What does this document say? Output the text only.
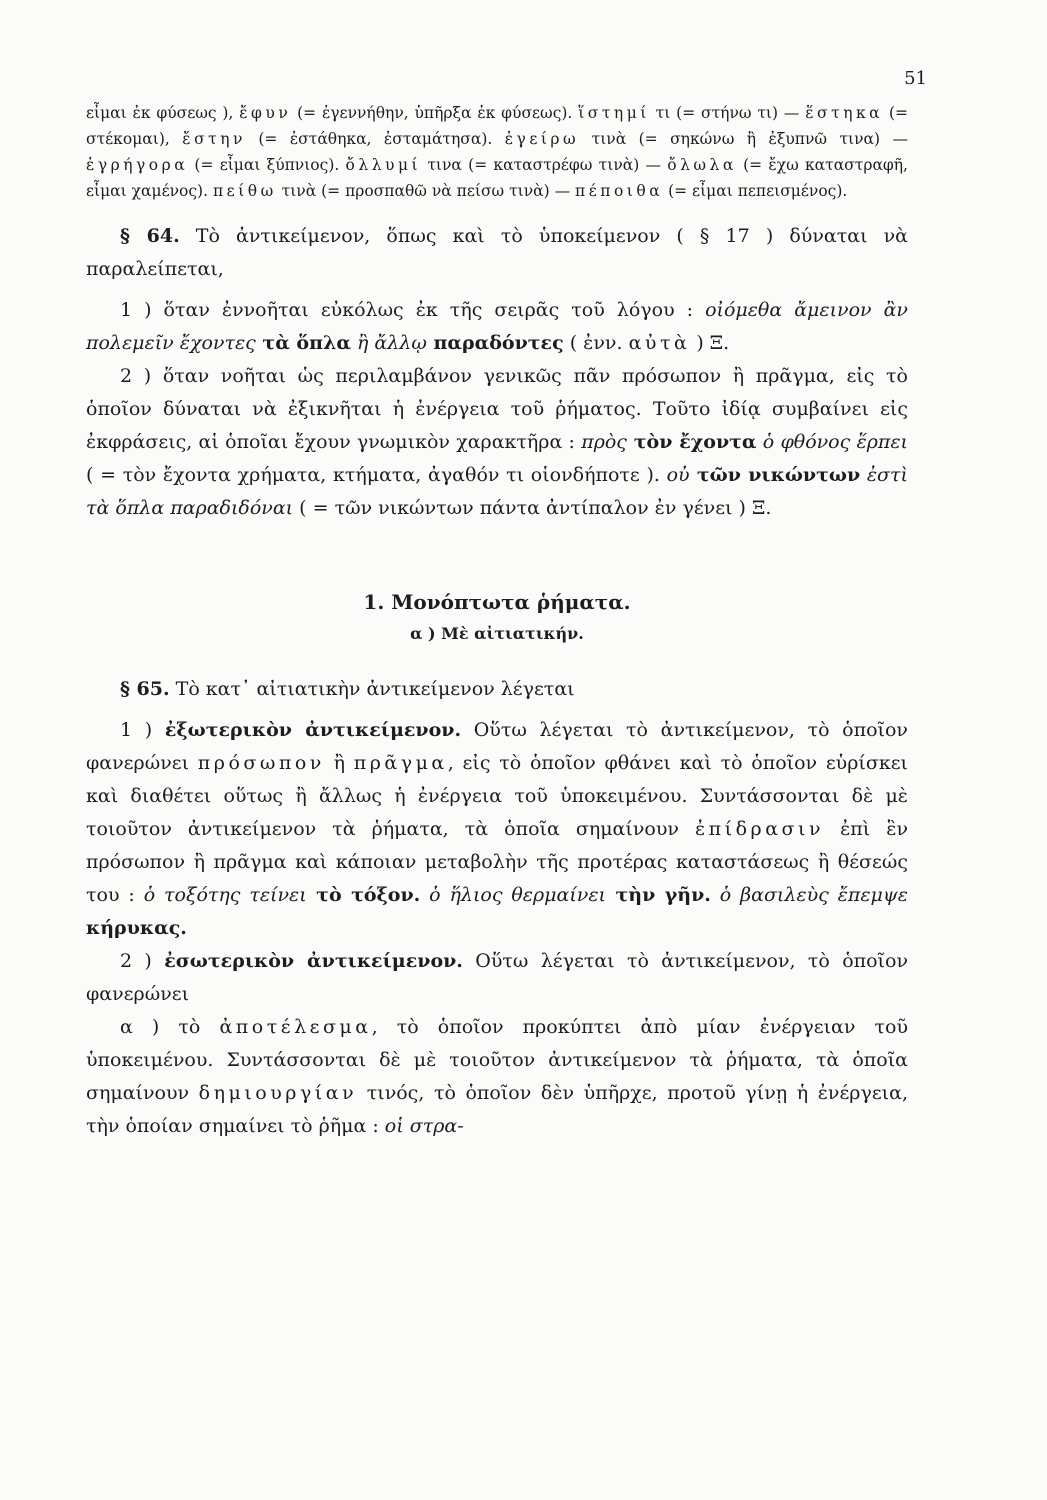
51

εἶμαι ἐκ φύσεως ), ἔφυν (= ἐγεννήθην, ὑπῆρξα ἐκ φύσεως). ἵστημί τι (= στήνω τι) — ἕστηκα (= στέκομαι), ἔστην (= ἐστάθηκα, ἐσταμάτησα). ἐγείρω τινὰ (= σηκώνω ἢ ἐξυπνῶ τινα) — ἐγρήγορα (= εἶμαι ξύπνιος). ὄλλυμί τινα (= καταστρέφω τινὰ) — ὄλωλα (= ἔχω καταστραφῆ, εἶμαι χαμένος). πείθω τινὰ (= προσπαθῶ νὰ πείσω τινὰ) — πέποιθα (= εἶμαι πεπεισμένος).

§ 64. Τὸ ἀντικείμενον, ὅπως καὶ τὸ ὑποκείμενον ( § 17 ) δύναται νὰ παραλείπεται,

1 ) ὅταν ἐννοῆται εὐκόλως ἐκ τῆς σειρᾶς τοῦ λόγου : οἰόμεθα ἄμεινον ἂν πολεμεῖν ἔχοντες τὰ ὅπλα ἢ ἄλλῳ παραδόντες ( ἐνν. αὐτὰ ) Ξ.

2 ) ὅταν νοῆται ὡς περιλαμβάνον γενικῶς πᾶν πρόσωπον ἢ πρᾶγμα, εἰς τὸ ὁποῖον δύναται νὰ ἐξικνῆται ἡ ἐνέργεια τοῦ ῥήματος. Τοῦτο ἰδίᾳ συμβαίνει εἰς ἐκφράσεις, αἱ ὁποῖαι ἔχουν γνωμικὸν χαρακτῆρα : πρὸς τὸν ἔχοντα ὁ φθόνος ἕρπει ( = τὸν ἔχοντα χρήματα, κτήματα, ἀγαθόν τι οἱονδήποτε ). οὐ τῶν νικώντων ἐστὶ τὰ ὅπλα παραδιδόναι ( = τῶν νικώντων πάντα ἀντίπαλον ἐν γένει ) Ξ.

1. Μονόπτωτα ῥήματα.
α ) Μὲ αἰτιατικήν.

§ 65. Τὸ κατ᾽ αἰτιατικὴν ἀντικείμενον λέγεται

1 ) ἐξωτερικὸν ἀντικείμενον. Οὕτω λέγεται τὸ ἀντικείμενον, τὸ ὁποῖον φανερώνει πρόσωπον ἢ πρᾶγμα, εἰς τὸ ὁποῖον φθάνει καὶ τὸ ὁποῖον εὑρίσκει καὶ διαθέτει οὕτως ἢ ἄλλως ἡ ἐνέργεια τοῦ ὑποκειμένου. Συντάσσονται δὲ μὲ τοιοῦτον ἀντικείμενον τὰ ῥήματα, τὰ ὁποῖα σημαίνουν ἐπίδρασιν ἐπὶ ἓν πρόσωπον ἢ πρᾶγμα καὶ κάποιαν μεταβολὴν τῆς προτέρας καταστάσεως ἢ θέσεώς του : ὁ τοξότης τείνει τὸ τόξον. ὁ ἥλιος θερμαίνει τὴν γῆν. ὁ βασιλεὺς ἔπεμψε κήρυκας.

2 ) ἐσωτερικὸν ἀντικείμενον. Οὕτω λέγεται τὸ ἀντικείμενον, τὸ ὁποῖον φανερώνει

α ) τὸ ἀποτέλεσμα, τὸ ὁποῖον προκύπτει ἀπὸ μίαν ἐνέργειαν τοῦ ὑποκειμένου. Συντάσσονται δὲ μὲ τοιοῦτον ἀντικείμενον τὰ ῥήματα, τὰ ὁποῖα σημαίνουν δημιουργίαν τινός, τὸ ὁποῖον δὲν ὑπῆρχε, προτοῦ γίνῃ ἡ ἐνέργεια, τὴν ὁποίαν σημαίνει τὸ ῥῆμα : οἱ στρα-
